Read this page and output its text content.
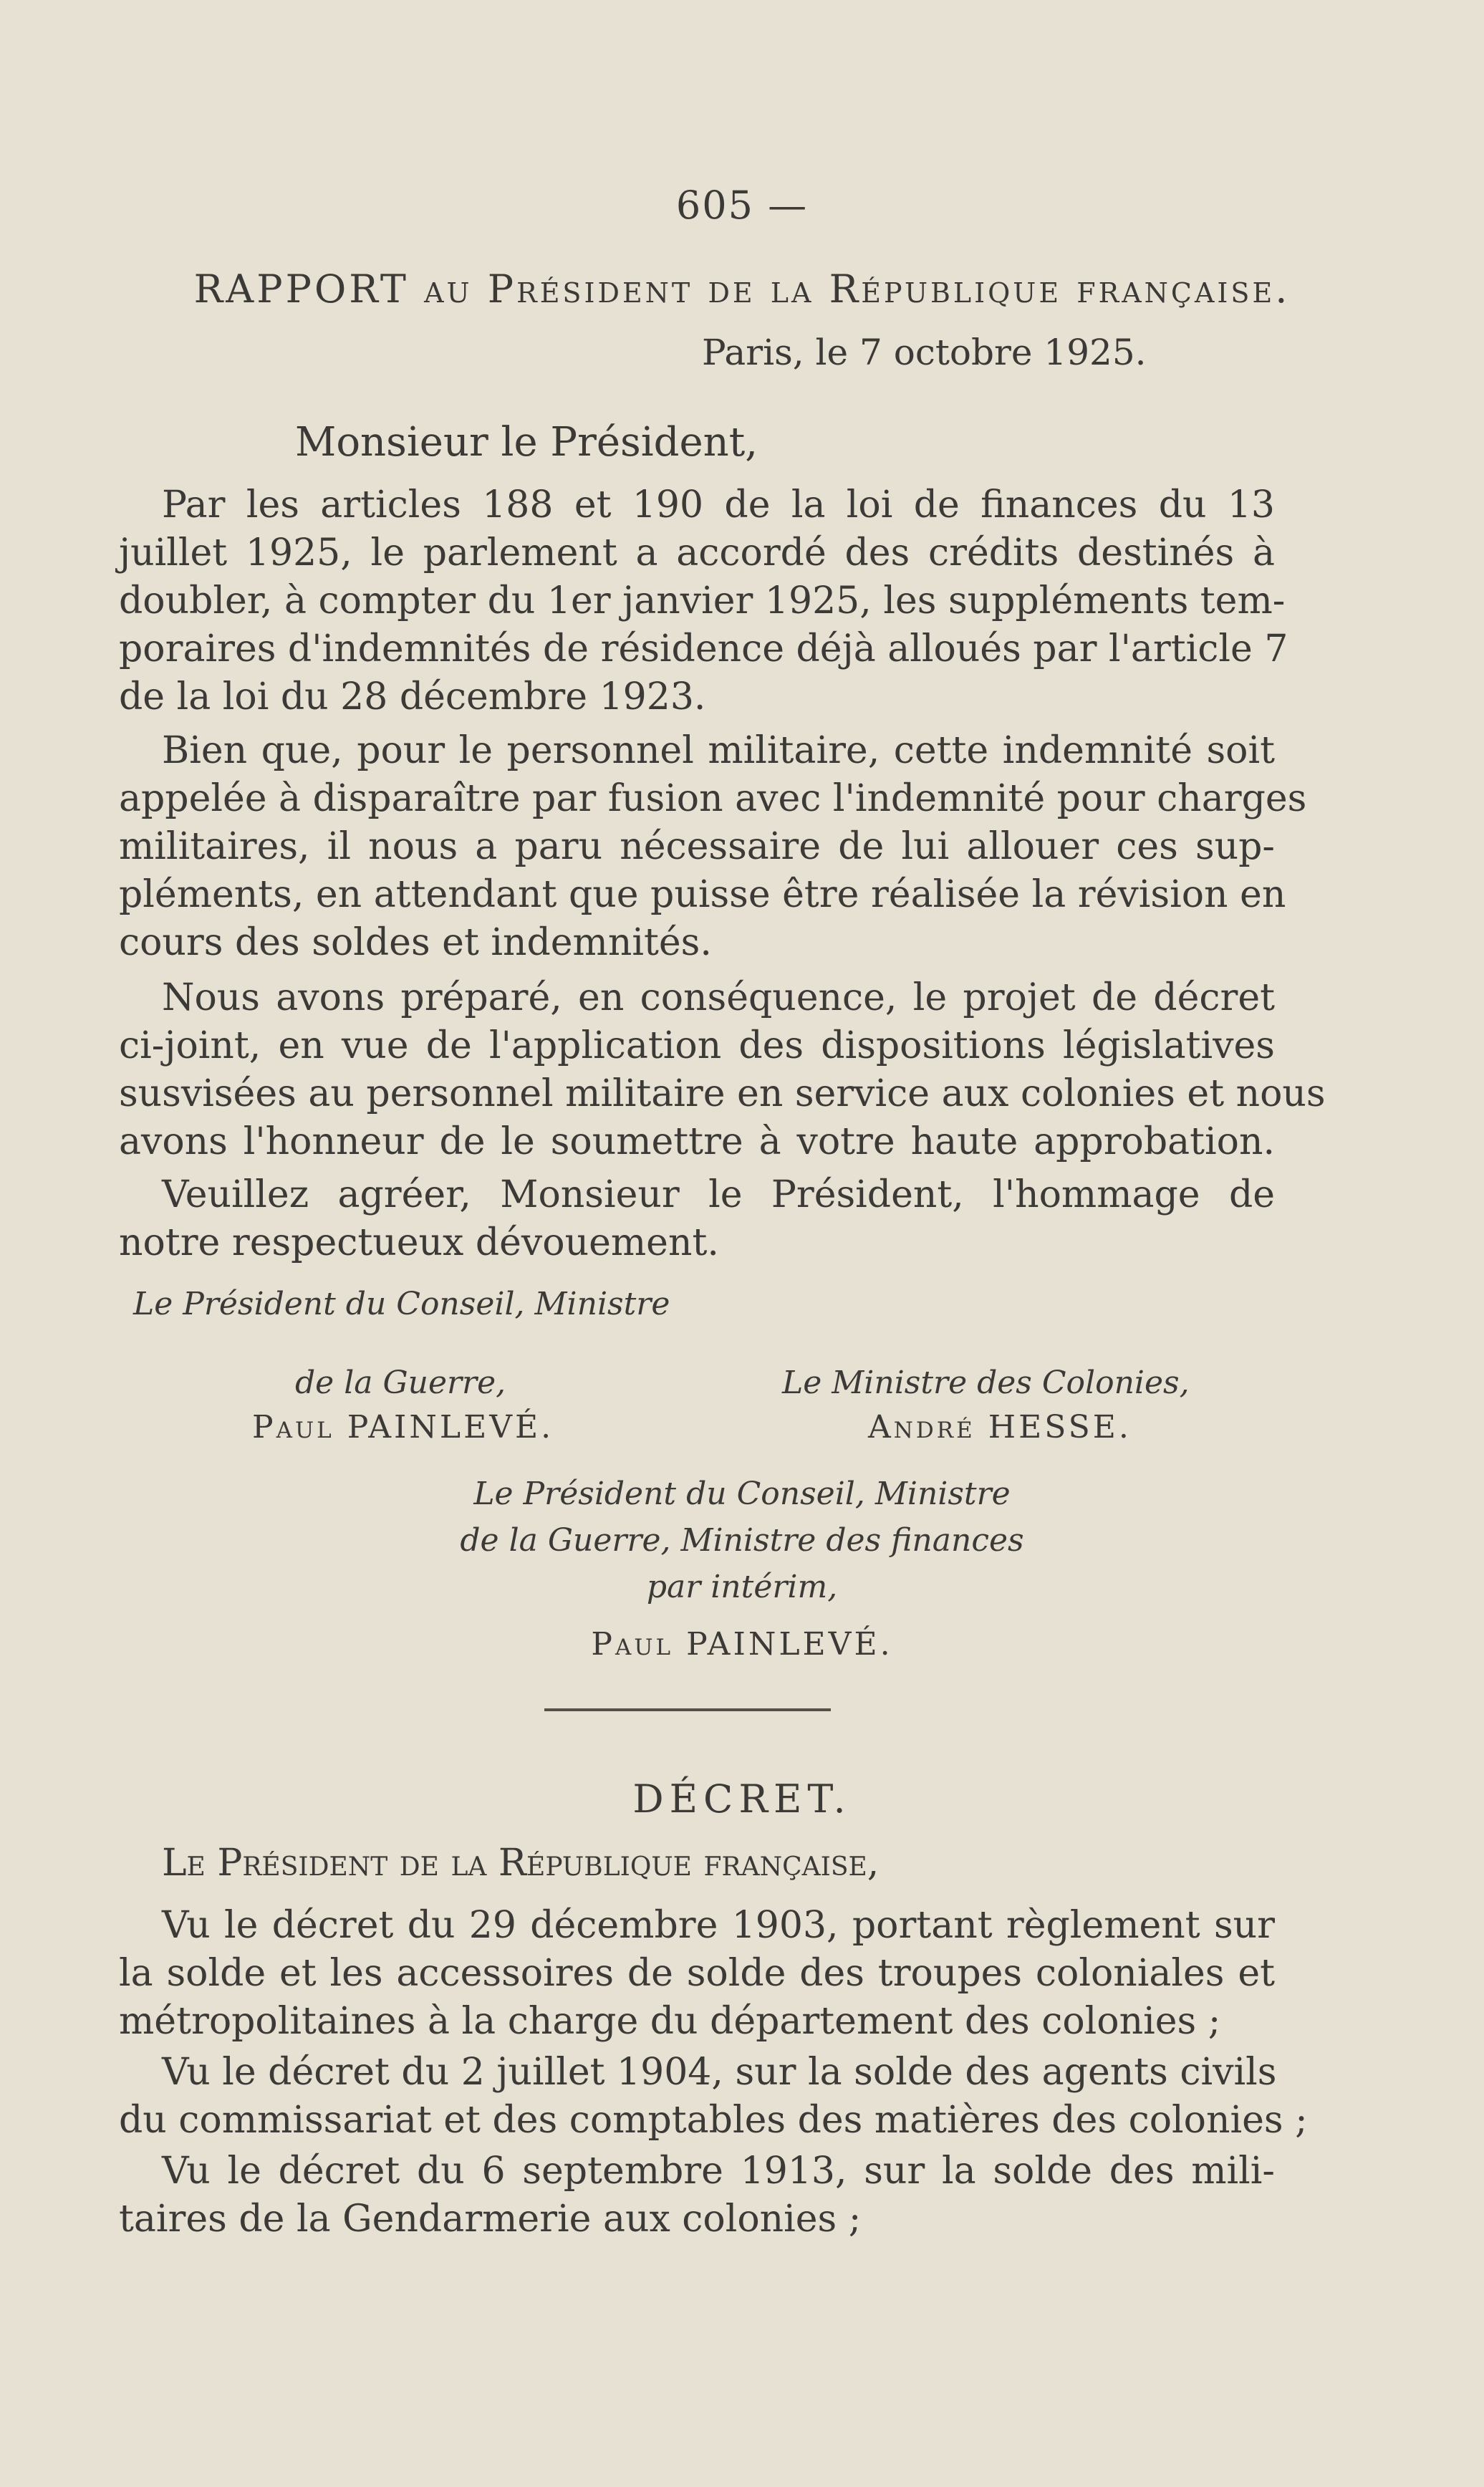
605 —
RAPPORT au Président de la République française.
Paris, le 7 octobre 1925.
Monsieur le Président,
Par les articles 188 et 190 de la loi de finances du 13
juillet 1925, le parlement a accordé des crédits destinés à
doubler, à compter du 1er janvier 1925, les suppléments tem-
poraires d'indemnités de résidence déjà alloués par l'article 7
de la loi du 28 décembre 1923.
Bien que, pour le personnel militaire, cette indemnité soit
appelée à disparaître par fusion avec l'indemnité pour charges
militaires, il nous a paru nécessaire de lui allouer ces sup-
pléments, en attendant que puisse être réalisée la révision en
cours des soldes et indemnités.
Nous avons préparé, en conséquence, le projet de décret
ci-joint, en vue de l'application des dispositions législatives
susvisées au personnel militaire en service aux colonies et nous
avons l'honneur de le soumettre à votre haute approbation.
Veuillez agréer, Monsieur le Président, l'hommage de
notre respectueux dévouement.
Le Président du Conseil, Ministre
de la Guerre,
Paul PAINLEVÉ.
Le Ministre des Colonies,
André HESSE.
Le Président du Conseil, Ministre
de la Guerre, Ministre des finances
par intérim,
Paul PAINLEVÉ.
DÉCRET.
Le Président de la République française,
Vu le décret du 29 décembre 1903, portant règlement sur
la solde et les accessoires de solde des troupes coloniales et
métropolitaines à la charge du département des colonies ;
Vu le décret du 2 juillet 1904, sur la solde des agents civils
du commissariat et des comptables des matières des colonies ;
Vu le décret du 6 septembre 1913, sur la solde des mili-
taires de la Gendarmerie aux colonies ;
